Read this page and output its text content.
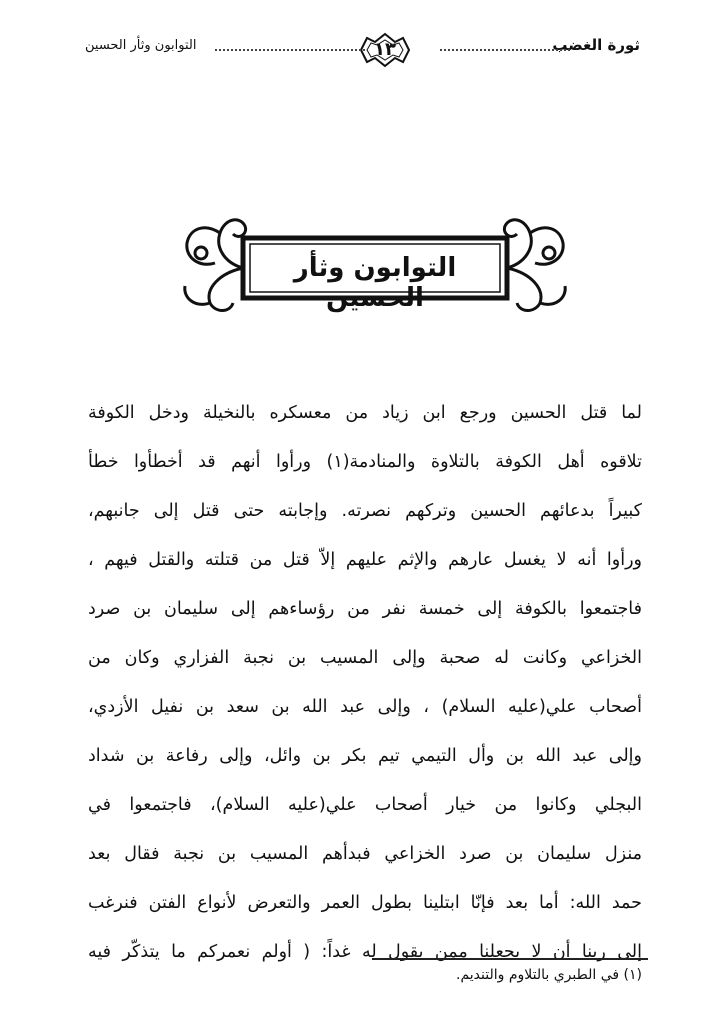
ثورة الغضب
١٣
التوابون وثأر الحسين
التوابون وثأر الحسين
لما قتل الحسين ورجع ابن زياد من معسكره بالنخيلة ودخل الكوفة
تلاقوه أهل الكوفة بالتلاوة والمنادمة(١) ورأوا أنهم قد أخطأوا خطأ
كبيراً بدعائهم الحسين وتركهم نصرته. وإجابته حتى قتل إلى جانبهم،
ورأوا أنه لا يغسل عارهم والإثم عليهم إلاّ قتل من قتلته والقتل فيهم ،
فاجتمعوا بالكوفة إلى خمسة نفر من رؤساءهم إلى سليمان بن صرد
الخزاعي وكانت له صحبة وإلى المسيب بن نجبة الفزاري وكان من
أصحاب علي(عليه السلام) ، وإلى عبد الله بن سعد بن نفيل الأزدي،
وإلى عبد الله بن وأل التيمي تيم بكر بن وائل، وإلى رفاعة بن شداد
البجلي وكانوا من خيار أصحاب علي(عليه السلام)، فاجتمعوا في
منزل سليمان بن صرد الخزاعي فبدأهم المسيب بن نجبة فقال بعد
حمد الله: أما بعد فإنّا ابتلينا بطول العمر والتعرض لأنواع الفتن فنرغب
إلى ربنا أن لا يجعلنا ممن يقول له غداً: ( أولم نعمركم ما يتذكّر فيه
(١) في الطبري بالتلاوم والتنديم.
